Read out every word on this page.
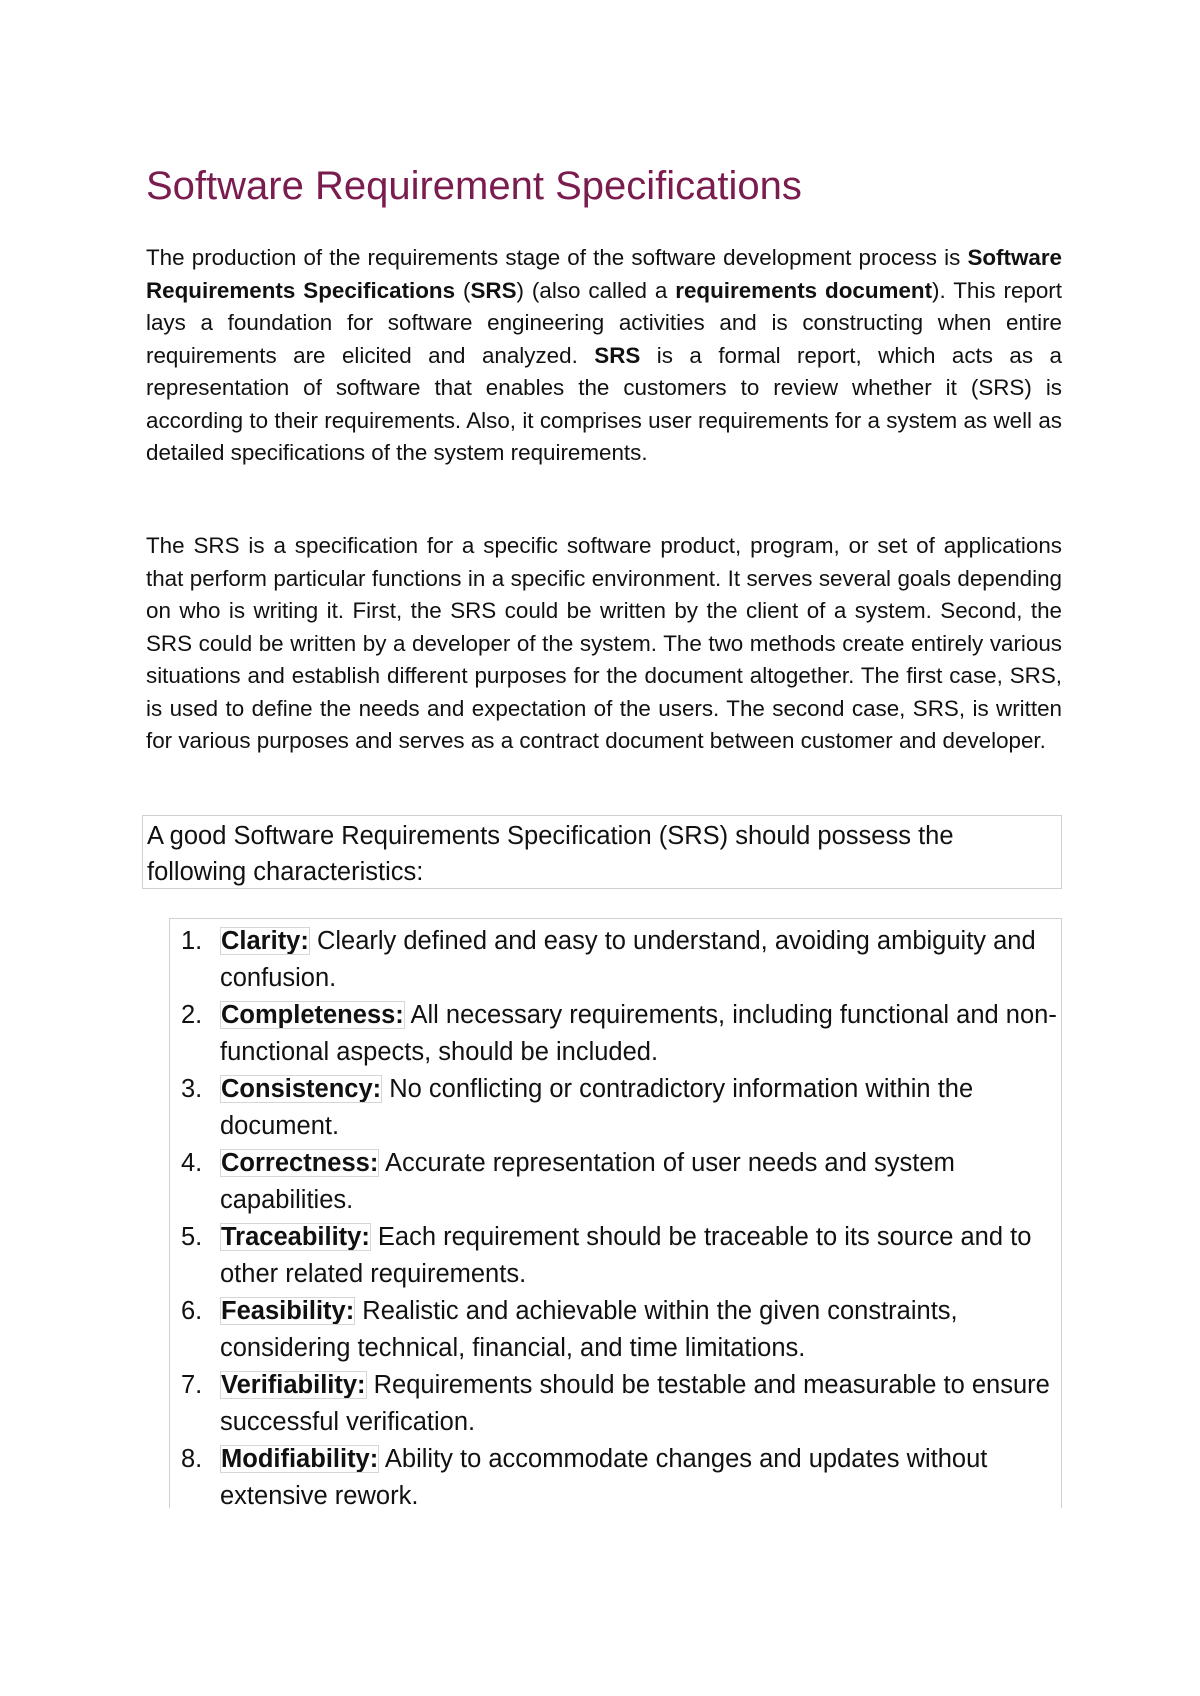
Software Requirement Specifications

The production of the requirements stage of the software development process is Software Requirements Specifications (SRS) (also called a requirements document). This report lays a foundation for software engineering activities and is constructing when entire requirements are elicited and analyzed. SRS is a formal report, which acts as a representation of software that enables the customers to review whether it (SRS) is according to their requirements. Also, it comprises user requirements for a system as well as detailed specifications of the system requirements.

The SRS is a specification for a specific software product, program, or set of applications that perform particular functions in a specific environment. It serves several goals depending on who is writing it. First, the SRS could be written by the client of a system. Second, the SRS could be written by a developer of the system. The two methods create entirely various situations and establish different purposes for the document altogether. The first case, SRS, is used to define the needs and expectation of the users. The second case, SRS, is written for various purposes and serves as a contract document between customer and developer.

A good Software Requirements Specification (SRS) should possess the following characteristics:
1. Clarity: Clearly defined and easy to understand, avoiding ambiguity and confusion.
2. Completeness: All necessary requirements, including functional and non-functional aspects, should be included.
3. Consistency: No conflicting or contradictory information within the document.
4. Correctness: Accurate representation of user needs and system capabilities.
5. Traceability: Each requirement should be traceable to its source and to other related requirements.
6. Feasibility: Realistic and achievable within the given constraints, considering technical, financial, and time limitations.
7. Verifiability: Requirements should be testable and measurable to ensure successful verification.
8. Modifiability: Ability to accommodate changes and updates without extensive rework.
